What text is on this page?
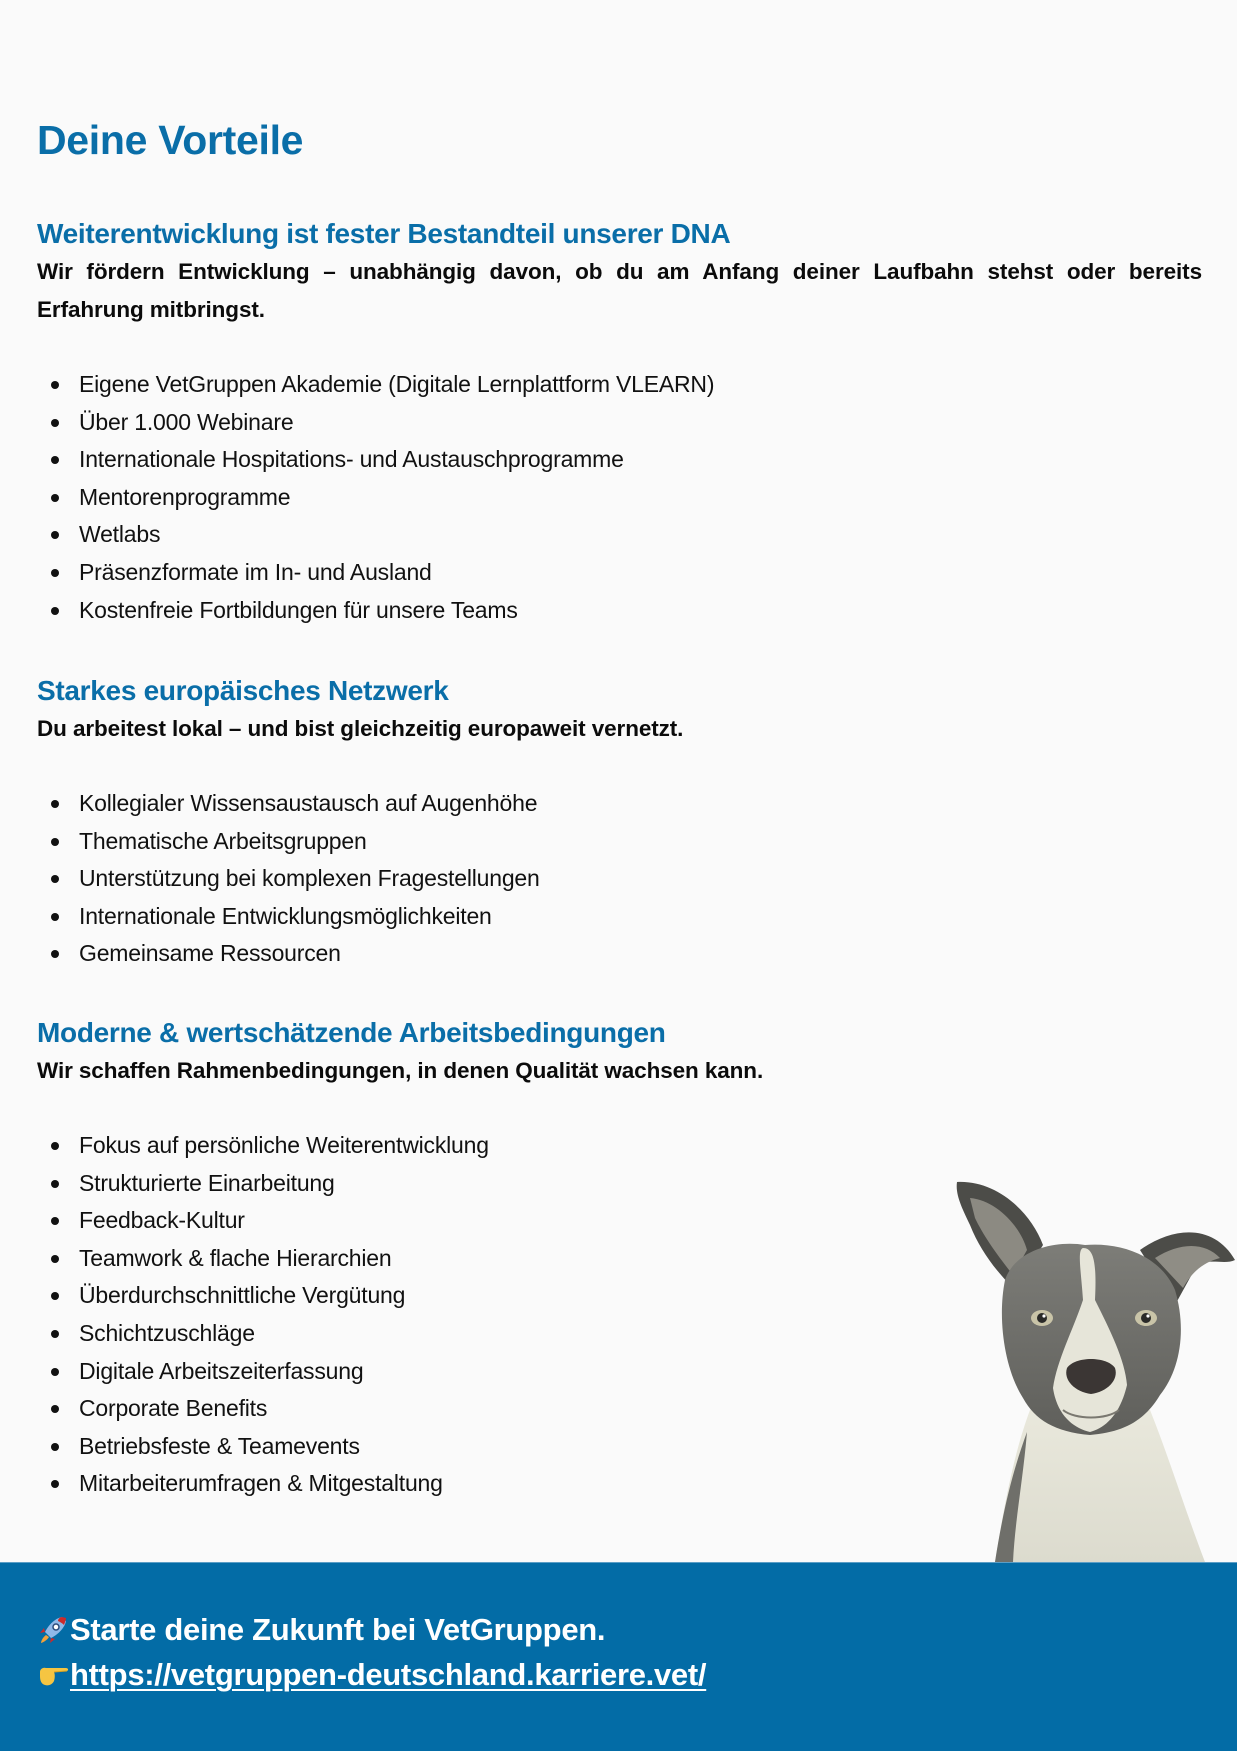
Deine Vorteile
Weiterentwicklung ist fester Bestandteil unserer DNA

Wir fördern Entwicklung – unabhängig davon, ob du am Anfang deiner Laufbahn stehst oder bereits Erfahrung mitbringst.

Eigene VetGruppen Akademie (Digitale Lernplattform VLEARN)
Über 1.000 Webinare
Internationale Hospitations- und Austauschprogramme
Mentorenprogramme
Wetlabs
Präsenzformate im In- und Ausland
Kostenfreie Fortbildungen für unsere Teams
Starkes europäisches Netzwerk

Du arbeitest lokal – und bist gleichzeitig europaweit vernetzt.

Kollegialer Wissensaustausch auf Augenhöhe
Thematische Arbeitsgruppen
Unterstützung bei komplexen Fragestellungen
Internationale Entwicklungsmöglichkeiten
Gemeinsame Ressourcen
Moderne & wertschätzende Arbeitsbedingungen

Wir schaffen Rahmenbedingungen, in denen Qualität wachsen kann.

Fokus auf persönliche Weiterentwicklung
Strukturierte Einarbeitung
Feedback-Kultur
Teamwork & flache Hierarchien
Überdurchschnittliche Vergütung
Schichtzuschläge
Digitale Arbeitszeiterfassung
Corporate Benefits
Betriebsfeste & Teamevents
Mitarbeiterumfragen & Mitgestaltung
Starte deine Zukunft bei VetGruppen.
https://vetgruppen-deutschland.karriere.vet/
